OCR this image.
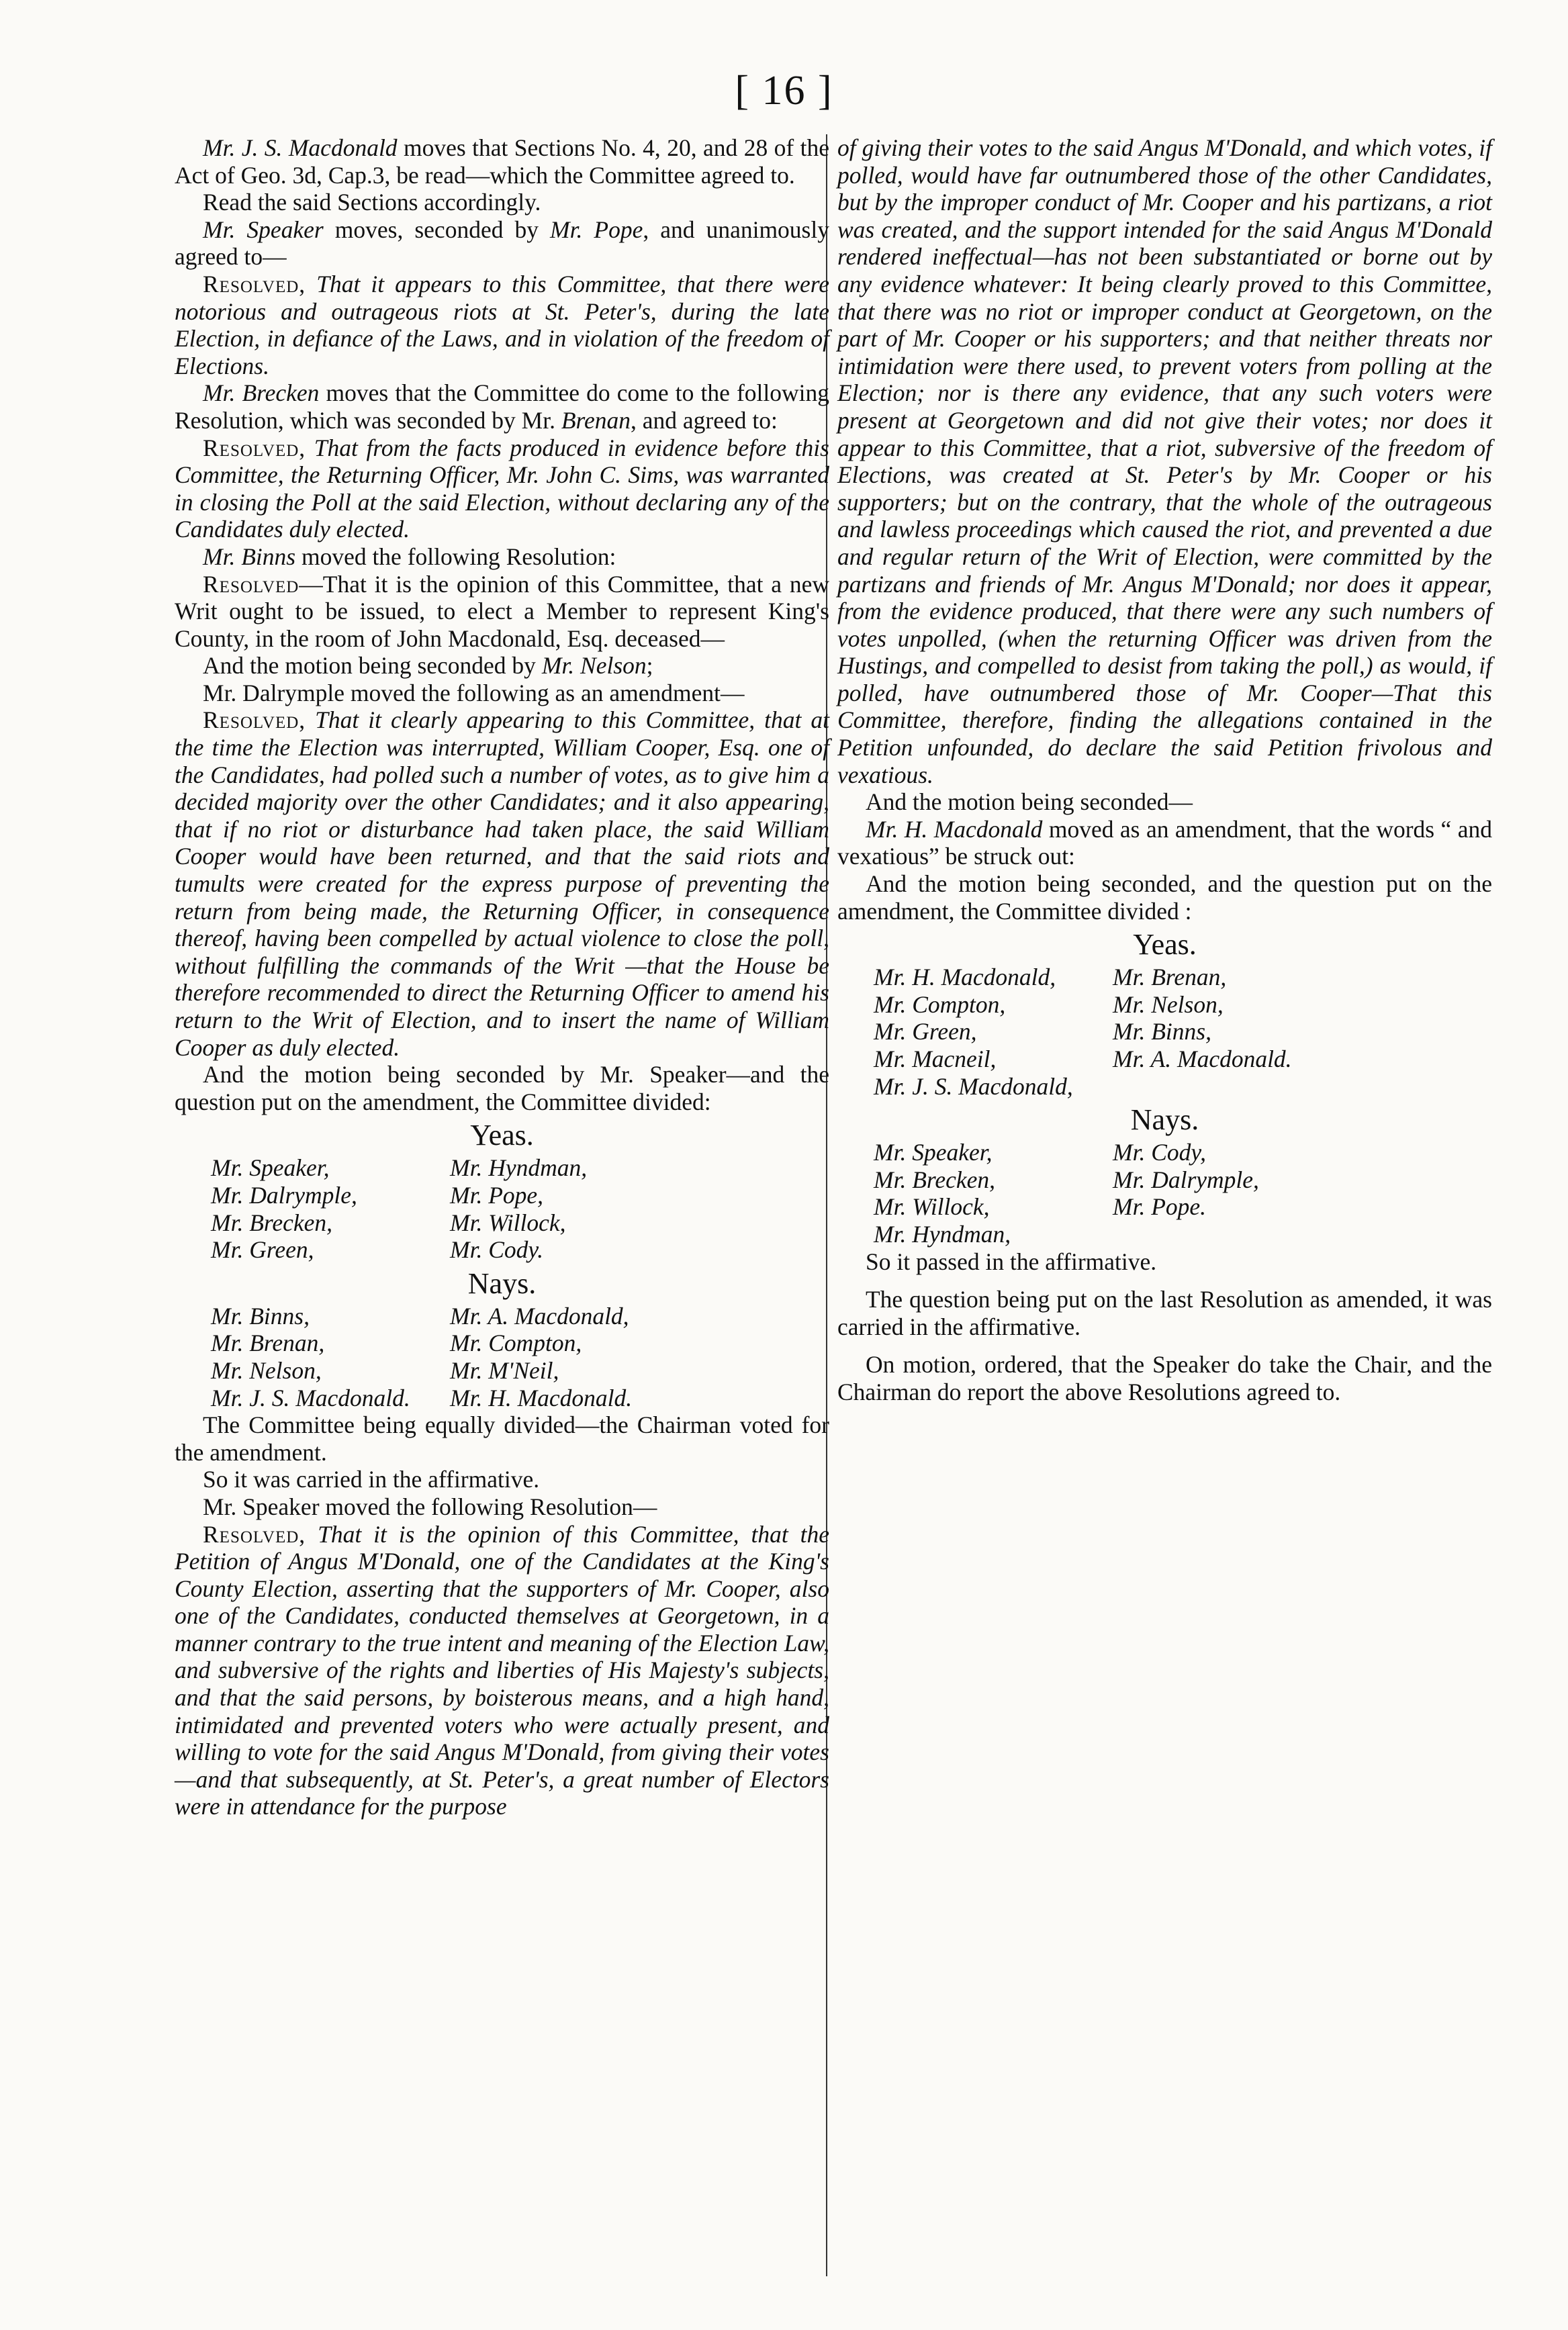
[ 16 ]

Mr. J. S. Macdonald moves that Sections No. 4, 20, and 28 of the Act of Geo. 3d, Cap.3, be read—which the Committee agreed to.

Read the said Sections accordingly.

Mr. Speaker moves, seconded by Mr. Pope, and unanimously agreed to—

Resolved, That it appears to this Committee, that there were notorious and outrageous riots at St. Peter's, during the late Election, in defiance of the Laws, and in violation of the freedom of Elections.

Mr. Brecken moves that the Committee do come to the following Resolution, which was seconded by Mr. Brenan, and agreed to:

Resolved, That from the facts produced in evidence before this Committee, the Returning Officer, Mr. John C. Sims, was warranted in closing the Poll at the said Election, without declaring any of the Candidates duly elected.

Mr. Binns moved the following Resolution:

Resolved—That it is the opinion of this Committee, that a new Writ ought to be issued, to elect a Member to represent King's County, in the room of John Macdonald, Esq. deceased—

And the motion being seconded by Mr. Nelson;

Mr. Dalrymple moved the following as an amendment—

Resolved, That it clearly appearing to this Committee, that at the time the Election was interrupted, William Cooper, Esq. one of the Candidates, had polled such a number of votes, as to give him a decided majority over the other Candidates; and it also appearing, that if no riot or disturbance had taken place, the said William Cooper would have been returned, and that the said riots and tumults were created for the express purpose of preventing the return from being made, the Returning Officer, in consequence thereof, having been compelled by actual violence to close the poll, without fulfilling the commands of the Writ —that the House be therefore recommended to direct the Returning Officer to amend his return to the Writ of Election, and to insert the name of William Cooper as duly elected.

And the motion being seconded by Mr. Speaker—and the question put on the amendment, the Committee divided:

Yeas.
Mr. Speaker,
Mr. Dalrymple,
Mr. Brecken,
Mr. Green,
Mr. Hyndman,
Mr. Pope,
Mr. Willock,
Mr. Cody.
Nays.
Mr. Binns,
Mr. Brenan,
Mr. Nelson,
Mr. J. S. Macdonald.
Mr. A. Macdonald,
Mr. Compton,
Mr. M'Neil,
Mr. H. Macdonald.

The Committee being equally divided—the Chairman voted for the amendment.

So it was carried in the affirmative.

Mr. Speaker moved the following Resolution—

Resolved, That it is the opinion of this Committee, that the Petition of Angus M'Donald, one of the Candidates at the King's County Election, asserting that the supporters of Mr. Cooper, also one of the Candidates, conducted themselves at Georgetown, in a manner contrary to the true intent and meaning of the Election Law, and subversive of the rights and liberties of His Majesty's subjects, and that the said persons, by boisterous means, and a high hand, intimidated and prevented voters who were actually present, and willing to vote for the said Angus M'Donald, from giving their votes—and that subsequently, at St. Peter's, a great number of Electors were in attendance for the purpose

of giving their votes to the said Angus M'Donald, and which votes, if polled, would have far outnumbered those of the other Candidates, but by the improper conduct of Mr. Cooper and his partizans, a riot was created, and the support intended for the said Angus M'Donald rendered ineffectual—has not been substantiated or borne out by any evidence whatever: It being clearly proved to this Committee, that there was no riot or improper conduct at Georgetown, on the part of Mr. Cooper or his supporters; and that neither threats nor intimidation were there used, to prevent voters from polling at the Election; nor is there any evidence, that any such voters were present at Georgetown and did not give their votes; nor does it appear to this Committee, that a riot, subversive of the freedom of Elections, was created at St. Peter's by Mr. Cooper or his supporters; but on the contrary, that the whole of the outrageous and lawless proceedings which caused the riot, and prevented a due and regular return of the Writ of Election, were committed by the partizans and friends of Mr. Angus M'Donald; nor does it appear, from the evidence produced, that there were any such numbers of votes unpolled, (when the returning Officer was driven from the Hustings, and compelled to desist from taking the poll,) as would, if polled, have outnumbered those of Mr. Cooper—That this Committee, therefore, finding the allegations contained in the Petition unfounded, do declare the said Petition frivolous and vexatious.

And the motion being seconded—

Mr. H. Macdonald moved as an amendment, that the words “ and vexatious” be struck out:

And the motion being seconded, and the question put on the amendment, the Committee divided :

Yeas.
Mr. H. Macdonald,
Mr. Compton,
Mr. Green,
Mr. Macneil,
Mr. J. S. Macdonald,
Mr. Brenan,
Mr. Nelson,
Mr. Binns,
Mr. A. Macdonald.
Nays.
Mr. Speaker,
Mr. Brecken,
Mr. Willock,
Mr. Hyndman,
Mr. Cody,
Mr. Dalrymple,
Mr. Pope.

So it passed in the affirmative.

The question being put on the last Resolution as amended, it was carried in the affirmative.

On motion, ordered, that the Speaker do take the Chair, and the Chairman do report the above Resolutions agreed to.
